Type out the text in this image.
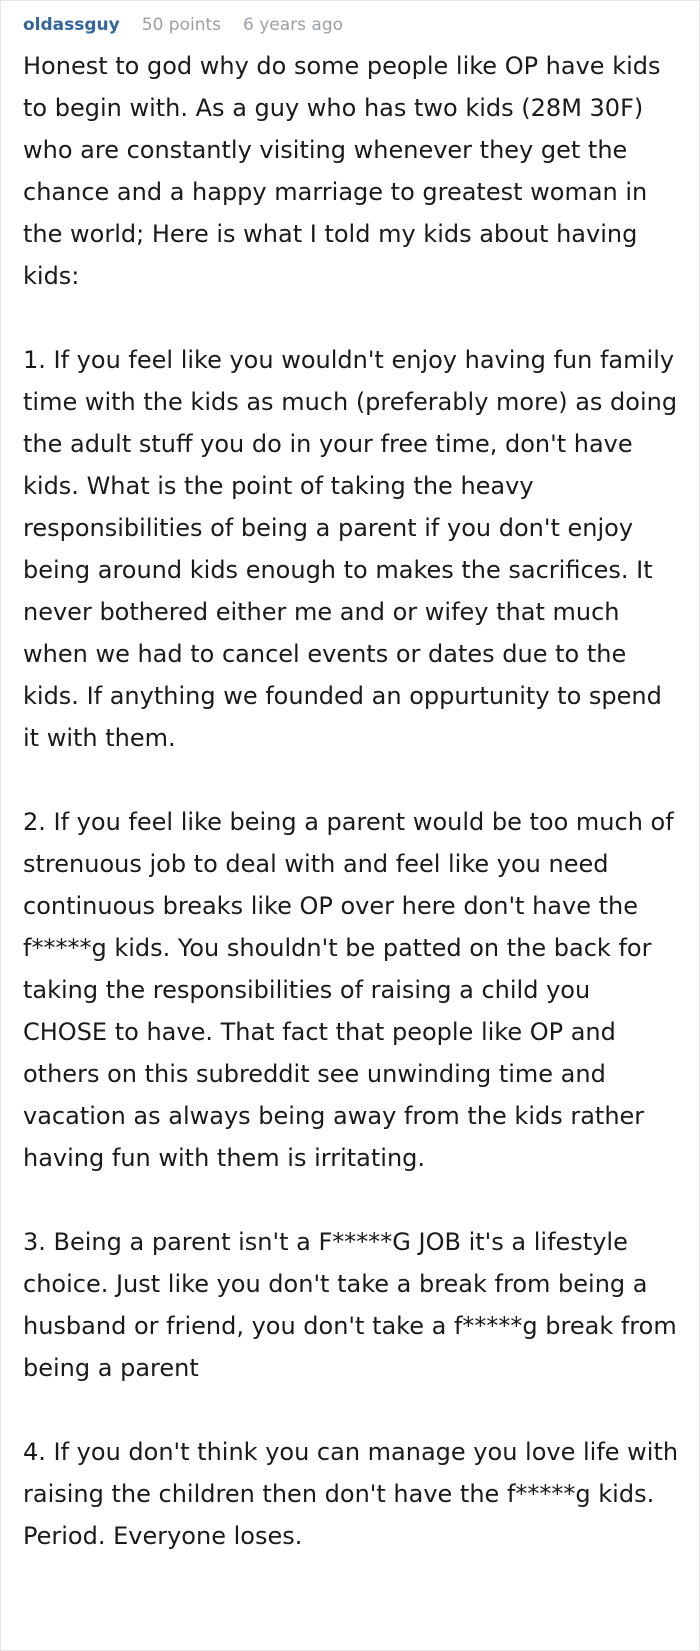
oldassguy 50 points 6 years ago

Honest to god why do some people like OP have kids to begin with. As a guy who has two kids (28M 30F) who are constantly visiting whenever they get the chance and a happy marriage to greatest woman in the world; Here is what I told my kids about having kids:

1. If you feel like you wouldn't enjoy having fun family time with the kids as much (preferably more) as doing the adult stuff you do in your free time, don't have kids. What is the point of taking the heavy responsibilities of being a parent if you don't enjoy being around kids enough to makes the sacrifices. It never bothered either me and or wifey that much when we had to cancel events or dates due to the kids. If anything we founded an oppurtunity to spend it with them.

2. If you feel like being a parent would be too much of strenuous job to deal with and feel like you need continuous breaks like OP over here don't have the f*****g kids. You shouldn't be patted on the back for taking the responsibilities of raising a child you CHOSE to have. That fact that people like OP and others on this subreddit see unwinding time and vacation as always being away from the kids rather having fun with them is irritating.

3. Being a parent isn't a F*****G JOB it's a lifestyle choice. Just like you don't take a break from being a husband or friend, you don't take a f*****g break from being a parent

4. If you don't think you can manage you love life with raising the children then don't have the f*****g kids. Period. Everyone loses.
